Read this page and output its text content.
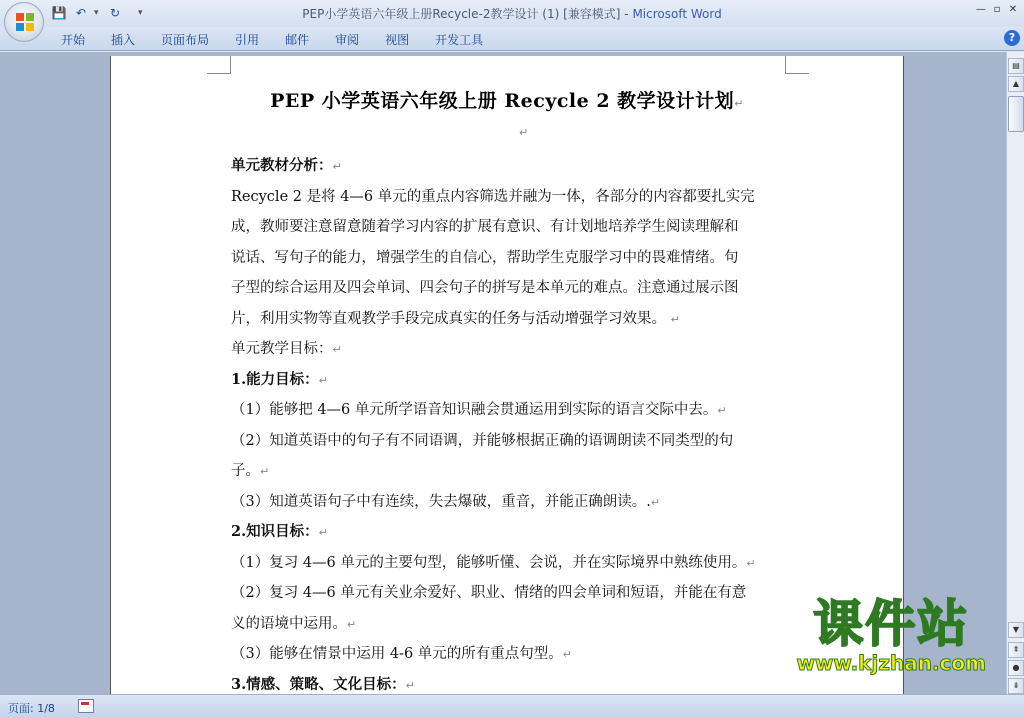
💾 ↶ ▾ ↻	▾	PEP小学英语六年级上册Recycle-2教学设计 (1) [兼容模式] - Microsoft Word	— ▫ ✕
开始	插入	页面布局	引用	邮件	审阅	视图	开发工具	?
PEP 小学英语六年级上册 Recycle 2 教学设计计划↵
↵
单元教材分析：↵
Recycle 2 是将 4—6 单元的重点内容筛选并融为一体，各部分的内容都要扎实完
成，教师要注意留意随着学习内容的扩展有意识、有计划地培养学生阅读理解和
说话、写句子的能力，增强学生的自信心，帮助学生克服学习中的畏难情绪。句
子型的综合运用及四会单词、四会句子的拼写是本单元的难点。注意通过展示图
片，利用实物等直观教学手段完成真实的任务与活动增强学习效果。 ↵
单元教学目标：↵
1.能力目标：↵
（1）能够把 4—6 单元所学语音知识融会贯通运用到实际的语言交际中去。↵
（2）知道英语中的句子有不同语调，并能够根据正确的语调朗读不同类型的句
子。↵
（3）知道英语句子中有连续，失去爆破，重音，并能正确朗读。.↵
2.知识目标：↵
（1）复习 4—6 单元的主要句型，能够听懂、会说，并在实际境界中熟练使用。↵
（2）复习 4—6 单元有关业余爱好、职业、情绪的四会单词和短语，并能在有意
义的语境中运用。↵
（3）能够在情景中运用 4-6 单元的所有重点句型。↵
3.情感、策略、文化目标：↵
课件站
www.kjzhan.com
▤
▲
▼
⇞
●
⇟
页面: 1/8
